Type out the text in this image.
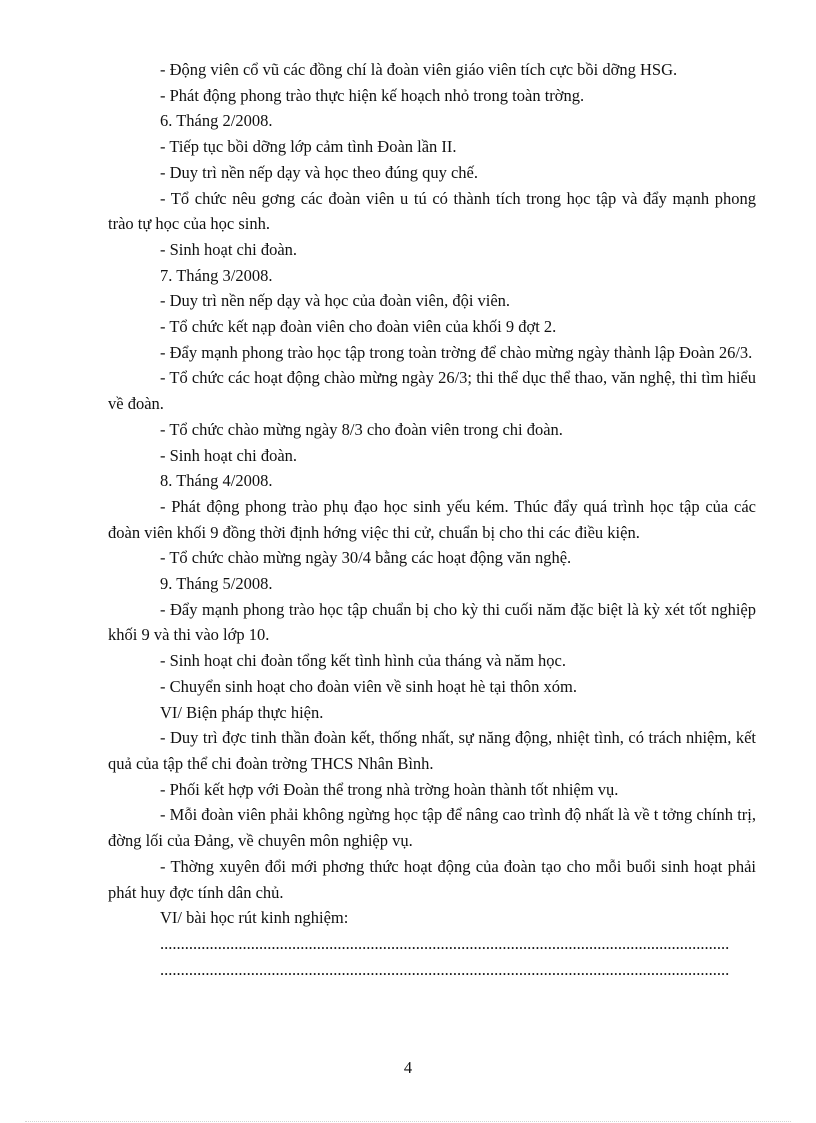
- Động viên cổ vũ các đồng chí là đoàn viên giáo viên tích cực bồi dỡng HSG.

- Phát động phong trào thực hiện kế hoạch nhỏ trong toàn trờng.

6. Tháng 2/2008.

- Tiếp tục bồi dỡng lớp cảm tình Đoàn lần II.

- Duy trì nền nếp dạy và học theo đúng quy chế.

- Tổ chức nêu gơng các đoàn viên u tú có thành tích trong học tập và đẩy mạnh phong trào tự học của học sinh.

- Sinh hoạt chi đoàn.

7. Tháng 3/2008.

- Duy trì nền nếp dạy và học của đoàn viên, đội viên.

- Tổ chức kết nạp đoàn viên cho đoàn viên của khối 9 đợt 2.

- Đẩy mạnh phong trào học tập trong toàn trờng để chào mừng ngày thành lập Đoàn 26/3.

- Tổ chức các hoạt động chào mừng ngày 26/3; thi thể dục thể thao, văn nghệ, thi tìm hiểu về đoàn.

- Tổ chức chào mừng ngày 8/3 cho đoàn viên trong chi đoàn.

- Sinh hoạt chi đoàn.

8. Tháng 4/2008.

- Phát động phong trào phụ đạo học sinh yếu kém. Thúc đẩy quá trình học tập của các đoàn viên khối 9 đồng thời định hớng việc thi cử, chuẩn bị cho thi các điều kiện.

- Tổ chức chào mừng ngày 30/4 bằng các hoạt động văn nghệ.

9. Tháng 5/2008.

- Đẩy mạnh phong trào học tập chuẩn bị cho kỳ thi cuối năm đặc biệt là kỳ xét tốt nghiệp khối 9 và thi vào lớp 10.

- Sinh hoạt chi đoàn tổng kết tình hình của tháng và năm học.

- Chuyển sinh hoạt cho đoàn viên về sinh hoạt hè tại thôn xóm.

VI/ Biện pháp thực hiện.

- Duy trì đợc tinh thần đoàn kết, thống nhất, sự năng động, nhiệt tình, có trách nhiệm, kết quả của tập thể chi đoàn trờng THCS Nhân Bình.

- Phối kết hợp với Đoàn thể trong nhà trờng hoàn thành tốt nhiệm vụ.

- Mỗi đoàn viên phải không ngừng học tập để nâng cao trình độ nhất là về t tởng chính trị, đờng lối của Đảng, về chuyên môn nghiệp vụ.

- Thờng xuyên đổi mới phơng thức hoạt động của đoàn tạo cho mỗi buổi sinh hoạt phải phát huy đợc tính dân chủ.

VI/ bài học rút kinh nghiệm:

..........................................................................................................................................

..........................................................................................................................................

4
